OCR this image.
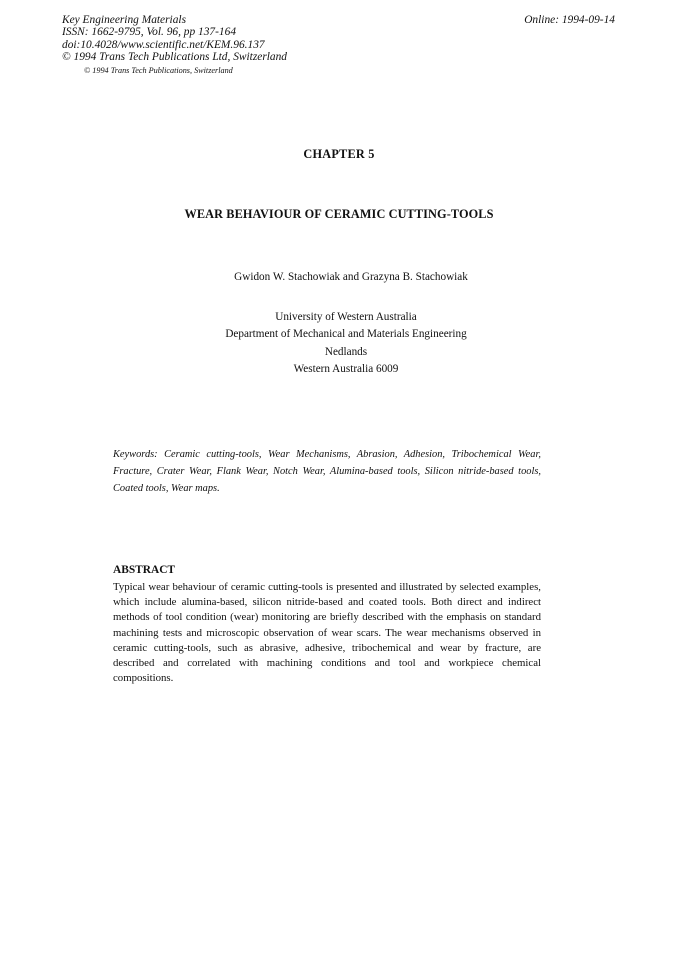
Key Engineering Materials
ISSN: 1662-9795, Vol. 96, pp 137-164
doi:10.4028/www.scientific.net/KEM.96.137
© 1994 Trans Tech Publications Ltd, Switzerland
Online: 1994-09-14
© 1994 Trans Tech Publications, Switzerland
CHAPTER 5
WEAR BEHAVIOUR OF CERAMIC CUTTING-TOOLS
Gwidon W. Stachowiak and Grazyna B. Stachowiak
University of Western Australia
Department of Mechanical and Materials Engineering
Nedlands
Western Australia 6009
Keywords: Ceramic cutting-tools, Wear Mechanisms, Abrasion, Adhesion, Tribochemical Wear, Fracture, Crater Wear, Flank Wear, Notch Wear, Alumina-based tools, Silicon nitride-based tools, Coated tools, Wear maps.
ABSTRACT
Typical wear behaviour of ceramic cutting-tools is presented and illustrated by selected examples, which include alumina-based, silicon nitride-based and coated tools. Both direct and indirect methods of tool condition (wear) monitoring are briefly described with the emphasis on standard machining tests and microscopic observation of wear scars. The wear mechanisms observed in ceramic cutting-tools, such as abrasive, adhesive, tribochemical and wear by fracture, are described and correlated with machining conditions and tool and workpiece chemical compositions.
